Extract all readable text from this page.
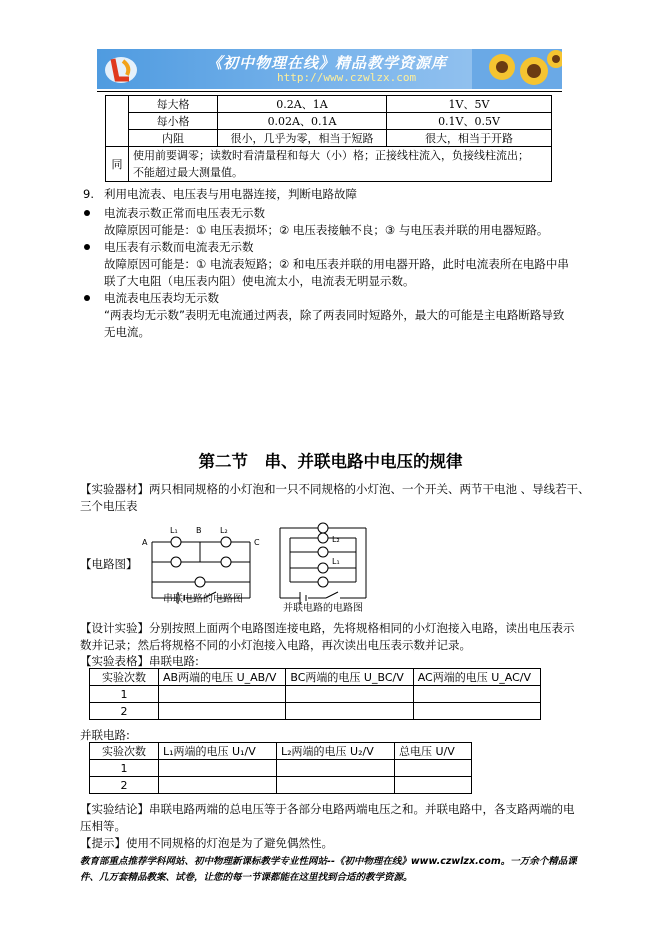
《初中物理在线》精品教学资源库
http://www.czwlzx.com
	每大格	0.2A、1A	1V、5V
	每小格	0.02A、0.1A	0.1V、0.5V
	内阻	很小，几乎为零，相当于短路	很大，相当于开路
同	使用前要调零；读数时看清量程和每大（小）格；正接线柱流入，负接线柱流出；
不能超过最大测量值。		
9. 利用电流表、电压表与用电器连接，判断电路故障
电流表示数正常而电压表无示数
故障原因可能是：① 电压表损坏；② 电压表接触不良；③ 与电压表并联的用电器短路。
电压表有示数而电流表无示数
故障原因可能是：① 电流表短路；② 和电压表并联的用电器开路，此时电流表所在电路中串
联了大电阻（电压表内阻）使电流太小，电流表无明显示数。
电流表电压表均无示数
“两表均无示数”表明无电流通过两表，除了两表同时短路外，最大的可能是主电路断路导致
无电流。
第二节　串、并联电路中电压的规律
【实验器材】两只相同规格的小灯泡和一只不同规格的小灯泡、一个开关、两节干电池 、导线若干、
三个电压表
【电路图】
A
B
C
L₁	L₂
L₂
L₁
串联电路的电路图
并联电路的电路图
【设计实验】分别按照上面两个电路图连接电路，先将规格相同的小灯泡接入电路，读出电压表示
数并记录；然后将规格不同的小灯泡接入电路，再次读出电压表示数并记录。
【实验表格】串联电路:
实验次数	AB两端的电压 U_AB/V	BC两端的电压 U_BC/V	AC两端的电压 U_AC/V
1			
2			
并联电路:
实验次数	L₁两端的电压 U₁/V	L₂两端的电压 U₂/V	总电压 U/V
1			
2			
【实验结论】串联电路两端的总电压等于各部分电路两端电压之和。并联电路中，各支路两端的电
压相等。
【提示】使用不同规格的灯泡是为了避免偶然性。
教育部重点推荐学科网站、初中物理新课标教学专业性网站--《初中物理在线》www.czwlzx.com。一万余个精品课
件、几万套精品教案、试卷，让您的每一节课都能在这里找到合适的教学资源。
